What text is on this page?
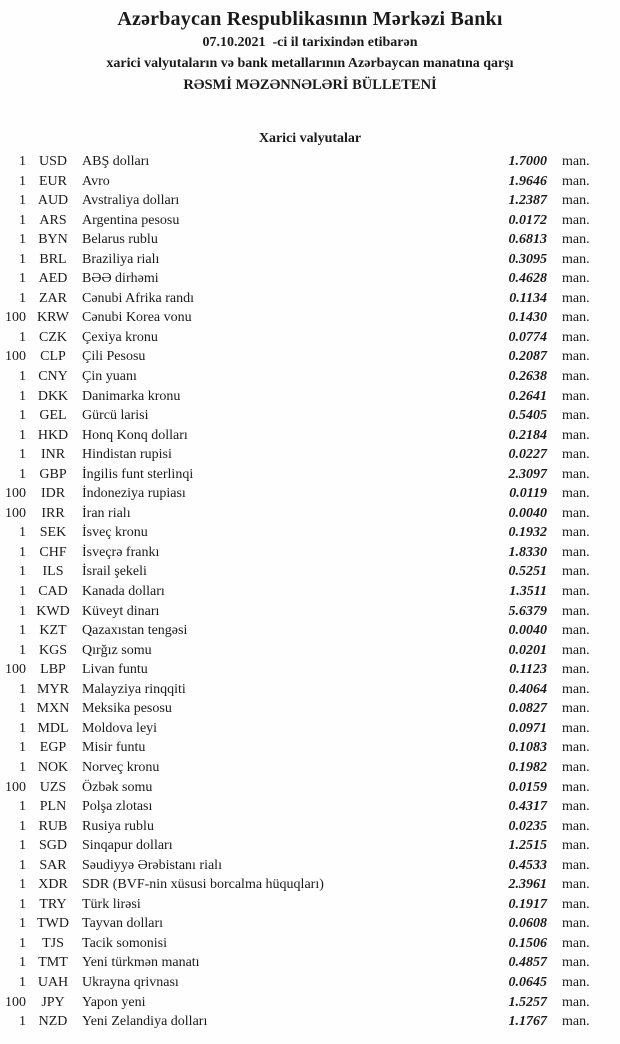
Azərbaycan Respublikasının Mərkəzi Bankı
07.10.2021  -ci il tarixindən etibarən
xarici valyutaların və bank metallarının Azərbaycan manatına qarşı
RƏSMİ MƏZƏNNƏLƏRİ BÜLLETENİ
Xarici valyutalar
1 USD	ABŞ dolları	1.7000 man.
1 EUR	Avro	1.9646 man.
1 AUD Avstraliya dolları	1.2387 man.
1 ARS	Argentina pesosu	0.0172 man.
1 BYN	Belarus rublu	0.6813 man.
1 BRL	Braziliya rialı	0.3095 man.
1 AED	BƏƏ dirhəmi	0.4628 man.
1 ZAR	Cənubi Afrika randı	0.1134 man.
100 KRW Cənubi Korea vonu	0.1430 man.
1 CZK	Çexiya kronu	0.0774 man.
100	CLP	Çili Pesosu	0.2087 man.
1 CNY	Çin yuanı	0.2638 man.
1 DKK Danimarka kronu	0.2641 man.
1 GEL	Gürcü larisi	0.5405 man.
1 HKD Honq Konq dolları	0.2184 man.
1	INR	Hindistan rupisi	0.0227 man.
1 GBP	İngilis funt sterlinqi	2.3097 man.
100	IDR	İndoneziya rupiası	0.0119 man.
100	IRR	İran rialı	0.0040 man.
1 SEK	İsveç kronu	0.1932 man.
1 CHF	İsveçrə frankı	1.8330 man.
1	ILS	İsrail şekeli	0.5251 man.
1 CAD	Kanada dolları	1.3511 man.
1 KWD Küveyt dinarı	5.6379 man.
1 KZT	Qazaxıstan tengəsi	0.0040 man.
1 KGS	Qırğız somu	0.0201 man.
100	LBP	Livan funtu	0.1123 man.
1 MYR Malayziya rinqqiti	0.4064 man.
1 MXN Meksika pesosu	0.0827 man.
1 MDL Moldova leyi	0.0971 man.
1 EGP	Misir funtu	0.1083 man.
1 NOK Norveç kronu	0.1982 man.
100 UZS	Özbək somu	0.0159 man.
1 PLN	Polşa zlotası	0.4317 man.
1 RUB	Rusiya rublu	0.0235 man.
1 SGD	Sinqapur dolları	1.2515 man.
1 SAR	Səudiyyə Ərəbistanı rialı	0.4533 man.
1 XDR	SDR (BVF-nin xüsusi borcalma hüquqları)	2.3961 man.
1 TRY	Türk lirəsi	0.1917 man.
1 TWD Tayvan dolları	0.0608 man.
1	TJS	Tacik somonisi	0.1506 man.
1 TMT	Yeni türkmən manatı	0.4857 man.
1 UAH Ukrayna qrivnası	0.0645 man.
100	JPY	Yapon yeni	1.5257 man.
1 NZD	Yeni Zelandiya dolları	1.1767 man.
